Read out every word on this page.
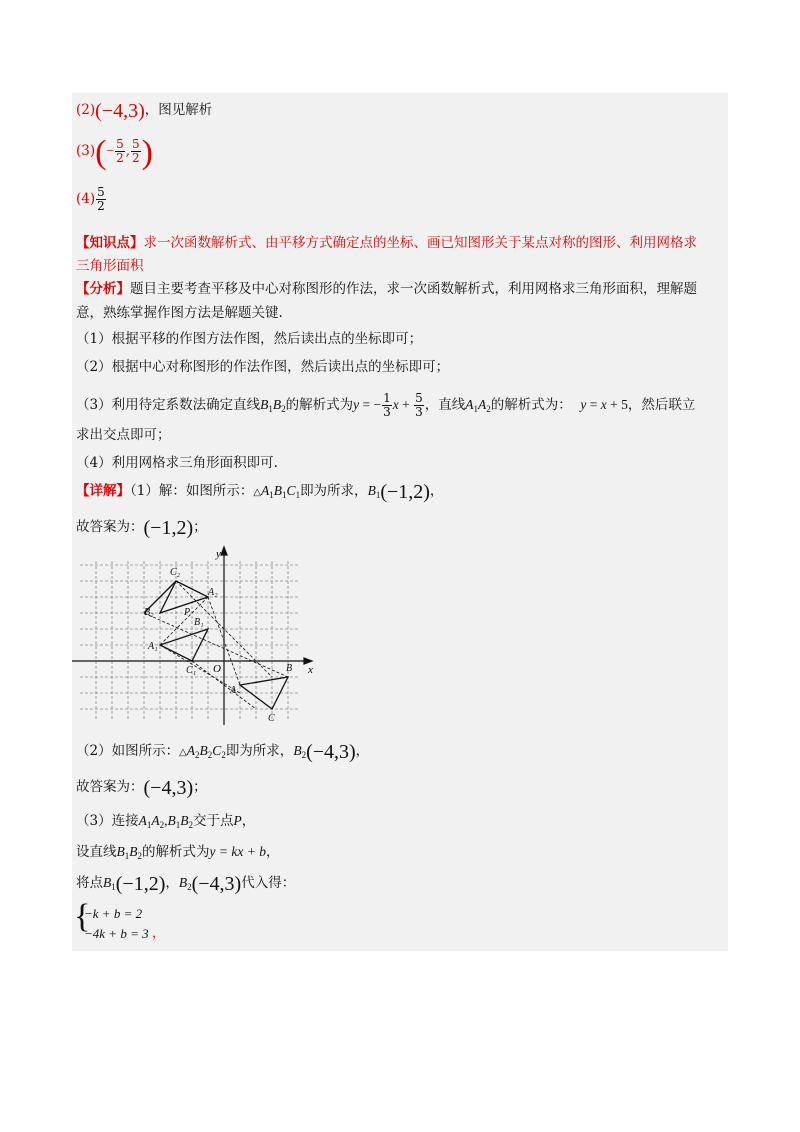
(2)(−4,3)，图见解析
$(3)(- \frac{5}{2}$ , $\frac{5}{2}$ )
$(4) \frac{5}{2}$
【知识点】求一次函数解析式、由平移方式确定点的坐标、画已知图形关于某点对称的图形、利用网格求
三角形面积
【分析】题目主要考查平移及中心对称图形的作法，求一次函数解析式，利用网格求三角形面积，理解题
意，熟练掌握作图方法是解题关键.
（1）根据平移的作图方法作图，然后读出点的坐标即可；
（2）根据中心对称图形的作法作图，然后读出点的坐标即可；
（3）利用待定系数法确定直线$B_1B_2$的解析式为y = − $\frac{1}{3}$ $x + \frac{5}{3}$ ，直线$A_1A_2$的解析式为： y = x + 5，然后联立
求出交点即可；
（4）利用网格求三角形面积即可.
【详解】（1）解：如图所示：$\triangle A_1B_1C_1$即为所求，$B_1(-1,2)$，
故答案为：(−1,2)；
y
x
O
C₂
A₂
B₂	P
B₁
A₁
C₁
A
B
C
（2）如图所示：$\triangle A_2B_2C_2$即为所求，$B_2(-4,3)$，
故答案为：(−4,3)；
（3）连接$A_1A_2,B_1B_2$交于点P，
设直线$B_1B_2$的解析式为y = kx + b，
将点$B_1(-1,2)$，$B_2(-4,3)$代入得：
{
−k + b = 2
−4k + b = 3 ，
